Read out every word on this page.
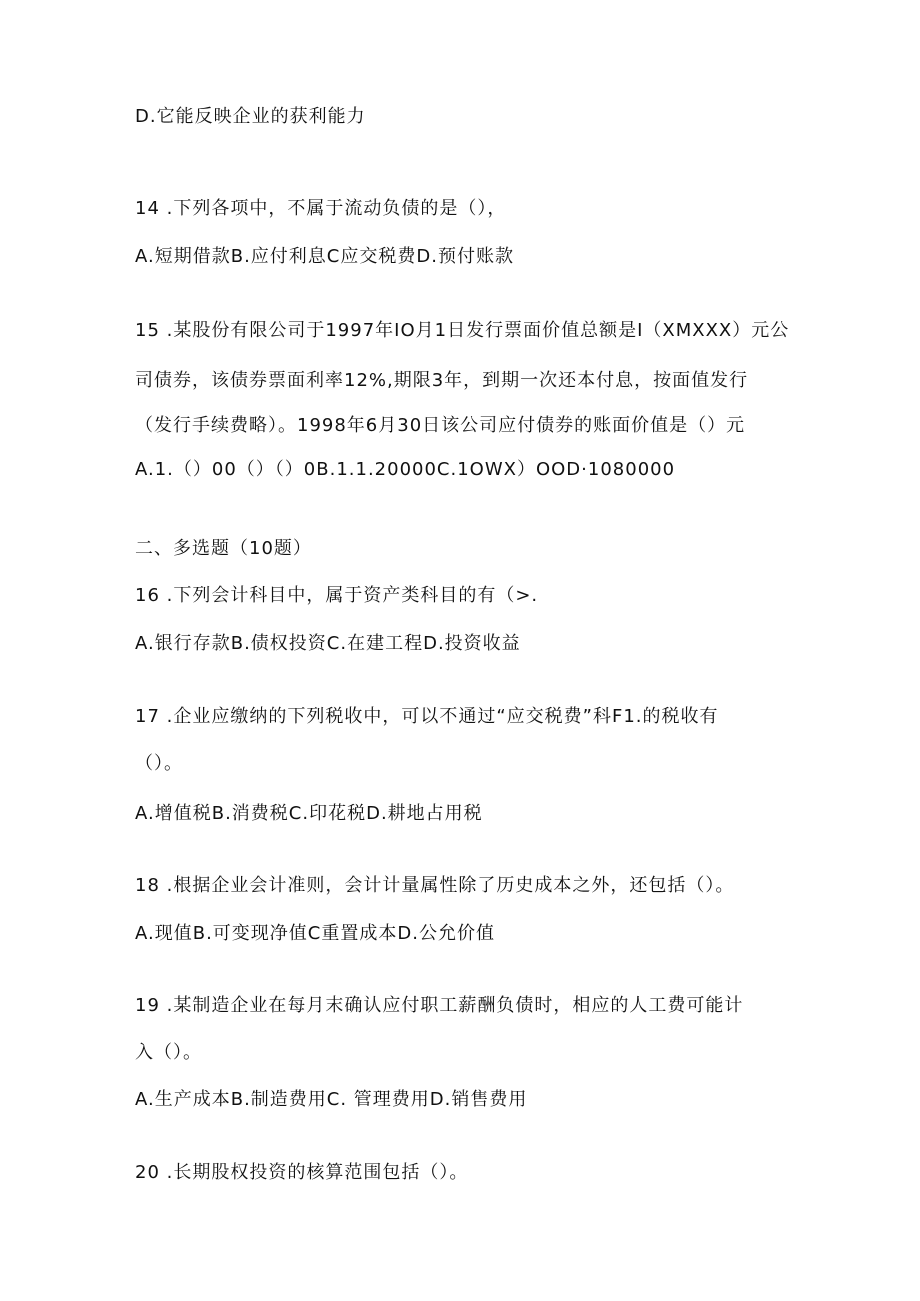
D.它能反映企业的获利能力
14 .下列各项中，不属于流动负债的是（），
A.短期借款B.应付利息C应交税费D.预付账款
15 .某股份有限公司于1997年IO月1日发行票面价值总额是I（XMXXX）元公
司债券，该债券票面利率12%,期限3年，到期一次还本付息，按面值发行
（发行手续费略）。1998年6月30日该公司应付债券的账面价值是（）元
A.1.（）00（）（）0B.1.1.20000C.1OWX）OOD·1080000
二、多选题（10题）
16 .下列会计科目中，属于资产类科目的有（>.
A.银行存款B.债权投资C.在建工程D.投资收益
17 .企业应缴纳的下列税收中，可以不通过“应交税费”科F1.的税收有
（）。
A.增值税B.消费税C.印花税D.耕地占用税
18 .根据企业会计准则，会计计量属性除了历史成本之外，还包括（）。
A.现值B.可变现净值C重置成本D.公允价值
19 .某制造企业在每月末确认应付职工薪酬负债时，相应的人工费可能计
入（）。
A.生产成本B.制造费用C. 管理费用D.销售费用
20 .长期股权投资的核算范围包括（）。
